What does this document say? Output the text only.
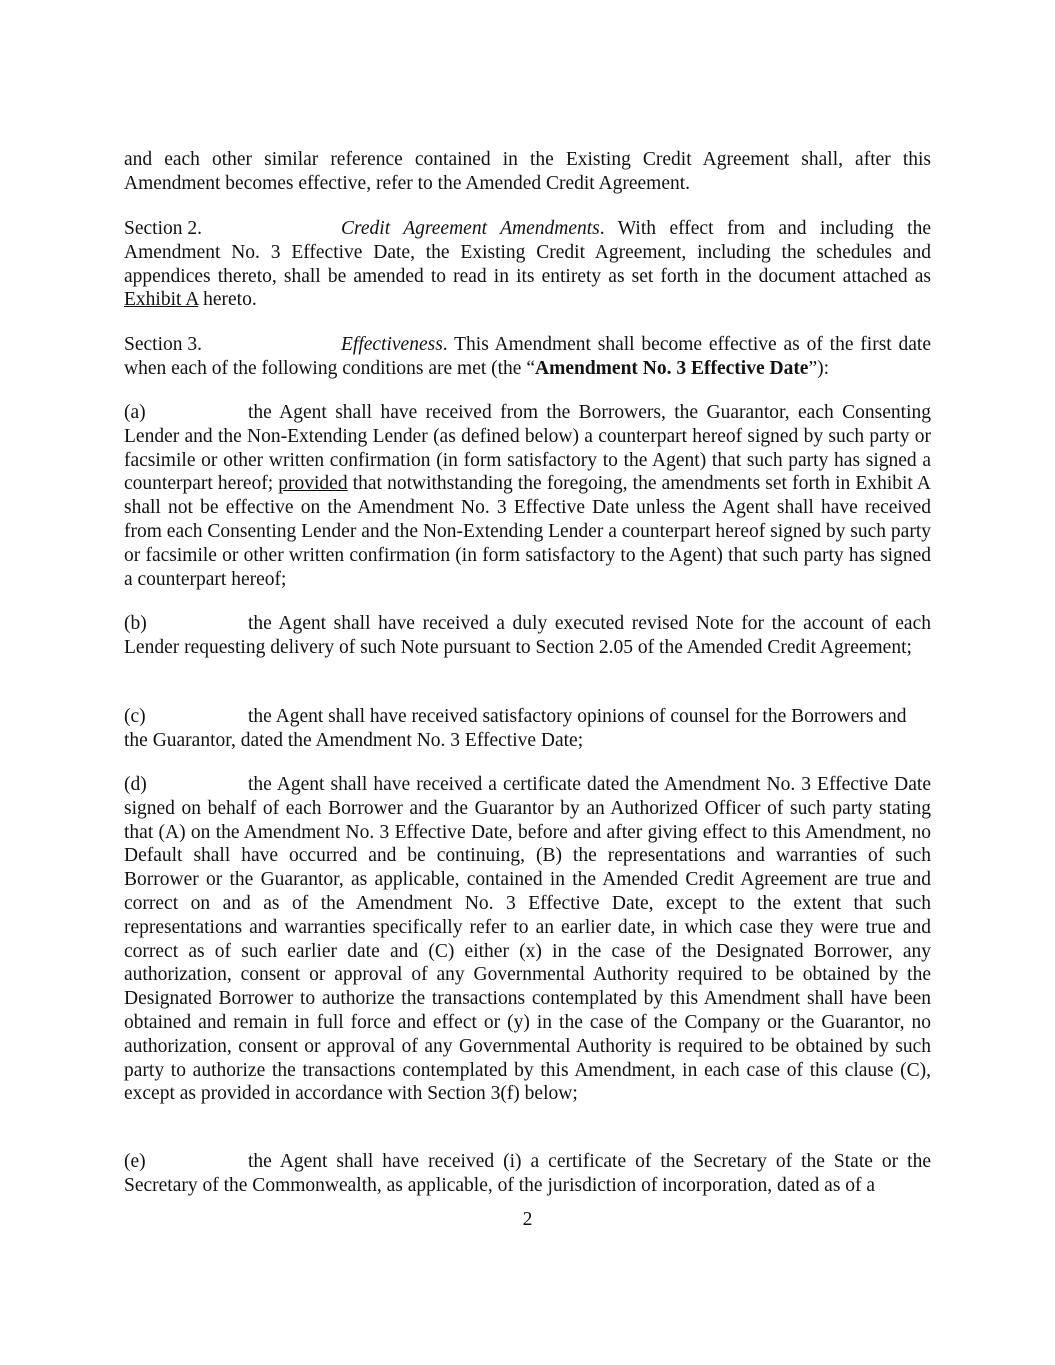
and each other similar reference contained in the Existing Credit Agreement shall, after this Amendment becomes effective, refer to the Amended Credit Agreement.

Section 2.	Credit Agreement Amendments. With effect from and including the Amendment No. 3 Effective Date, the Existing Credit Agreement, including the schedules and appendices thereto, shall be amended to read in its entirety as set forth in the document attached as Exhibit A hereto.

Section 3.	Effectiveness. This Amendment shall become effective as of the first date when each of the following conditions are met (the “Amendment No. 3 Effective Date”):

(a)	the Agent shall have received from the Borrowers, the Guarantor, each Consenting Lender and the Non-Extending Lender (as defined below) a counterpart hereof signed by such party or facsimile or other written confirmation (in form satisfactory to the Agent) that such party has signed a counterpart hereof; provided that notwithstanding the foregoing, the amendments set forth in Exhibit A shall not be effective on the Amendment No. 3 Effective Date unless the Agent shall have received from each Consenting Lender and the Non-Extending Lender a counterpart hereof signed by such party or facsimile or other written confirmation (in form satisfactory to the Agent) that such party has signed a counterpart hereof;

(b)	the Agent shall have received a duly executed revised Note for the account of each Lender requesting delivery of such Note pursuant to Section 2.05 of the Amended Credit Agreement;

(c)	the Agent shall have received satisfactory opinions of counsel for the Borrowers and the Guarantor, dated the Amendment No. 3 Effective Date;

(d)	the Agent shall have received a certificate dated the Amendment No. 3 Effective Date signed on behalf of each Borrower and the Guarantor by an Authorized Officer of such party stating that (A) on the Amendment No. 3 Effective Date, before and after giving effect to this Amendment, no Default shall have occurred and be continuing, (B) the representations and warranties of such Borrower or the Guarantor, as applicable, contained in the Amended Credit Agreement are true and correct on and as of the Amendment No. 3 Effective Date, except to the extent that such representations and warranties specifically refer to an earlier date, in which case they were true and correct as of such earlier date and (C) either (x) in the case of the Designated Borrower, any authorization, consent or approval of any Governmental Authority required to be obtained by the Designated Borrower to authorize the transactions contemplated by this Amendment shall have been obtained and remain in full force and effect or (y) in the case of the Company or the Guarantor, no authorization, consent or approval of any Governmental Authority is required to be obtained by such party to authorize the transactions contemplated by this Amendment, in each case of this clause (C), except as provided in accordance with Section 3(f) below;

(e)	the Agent shall have received (i) a certificate of the Secretary of the State or the Secretary of the Commonwealth, as applicable, of the jurisdiction of incorporation, dated as of a

2
